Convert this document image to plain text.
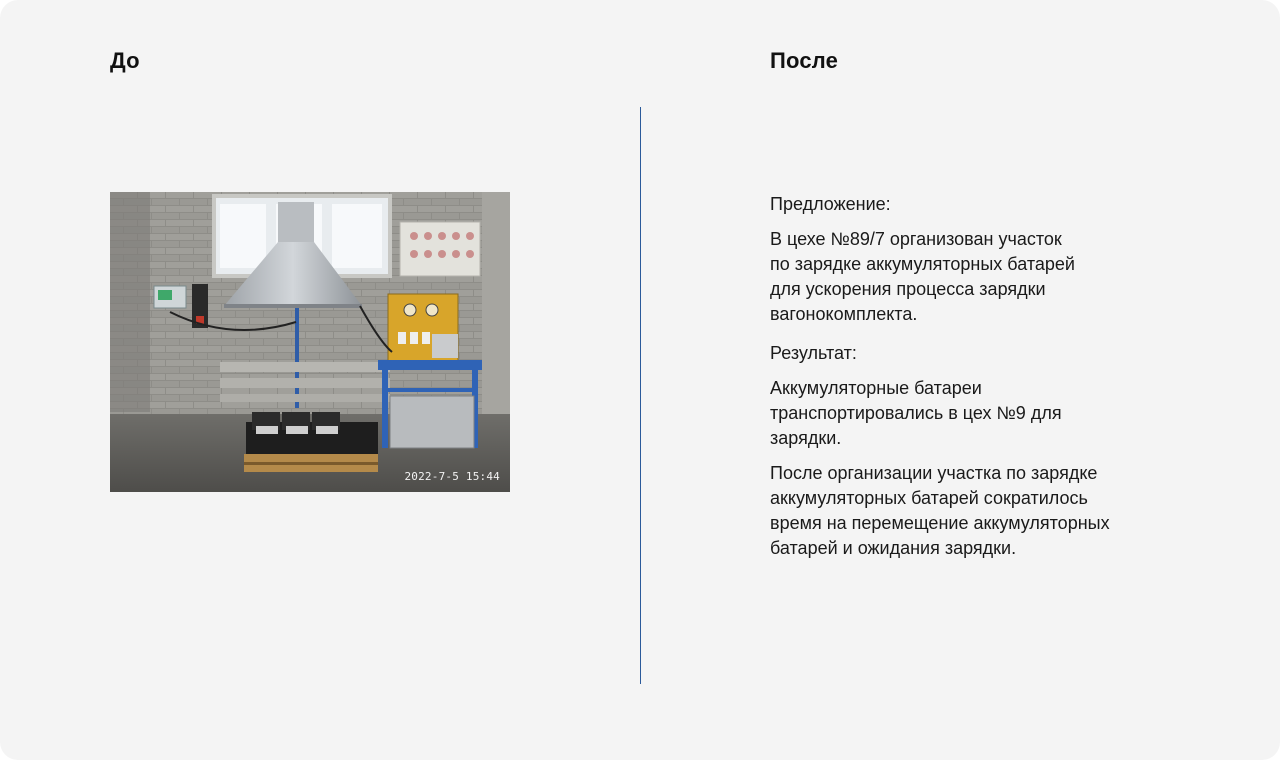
До	После
2022-7-5 15:44

Предложение:

В цехе №89/7 организован участок
по зарядке аккумуляторных батарей
для ускорения процесса зарядки
вагонокомплекта.

Результат:

Аккумуляторные батареи
транспортировались в цех №9 для
зарядки.

После организации участка по зарядке
аккумуляторных батарей сократилось
время на перемещение аккумуляторных
батарей и ожидания зарядки.
